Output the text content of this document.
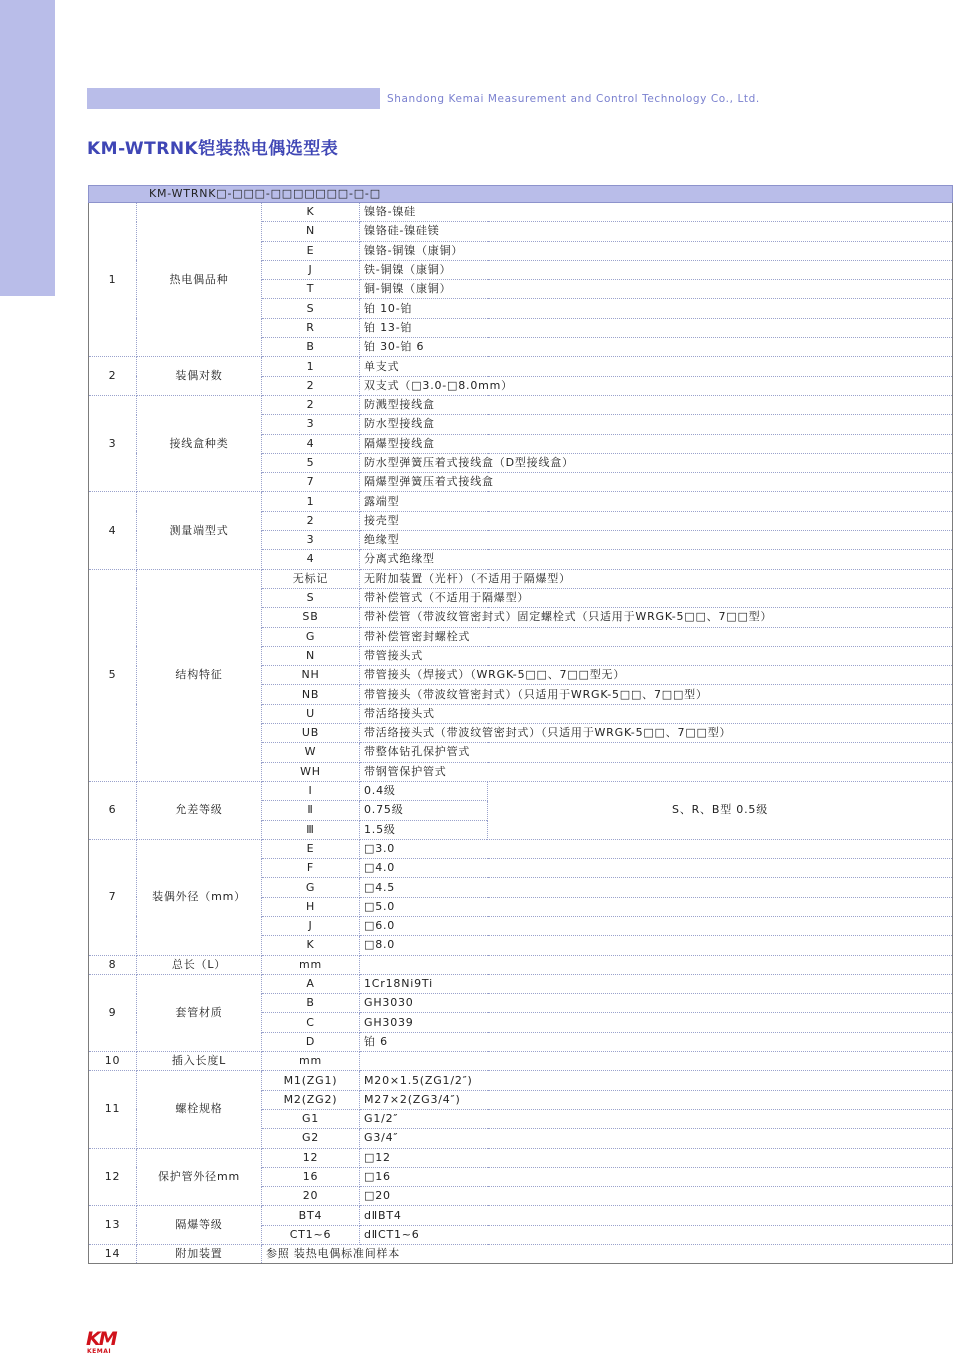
Shandong Kemai Measurement and Control Technology Co., Ltd.
KM-WTRNK铠装热电偶选型表
KM-WTRNK□-□□□-□□□□□□□-□-□				
1	热电偶品种	K	镍铬-镍硅	
		N	镍铬硅-镍硅镁	
		E	镍铬-铜镍（康铜）	
		J	铁-铜镍（康铜）	
		T	铜-铜镍（康铜）	
		S	铂 10-铂	
		R	铂 13-铂	
		B	铂 30-铂 6	
2	装偶对数	1	单支式	
		2	双支式（□3.0-□8.0mm）	
3	接线盒种类	2	防溅型接线盒	
		3	防水型接线盒	
		4	隔爆型接线盒	
		5	防水型弹簧压着式接线盒（D型接线盒）	
		7	隔爆型弹簧压着式接线盒	
4	测量端型式	1	露端型	
		2	接壳型	
		3	绝缘型	
		4	分离式绝缘型	
5	结构特征	无标记	无附加装置（光杆）（不适用于隔爆型）	
		S	带补偿管式（不适用于隔爆型）	
		SB	带补偿管（带波纹管密封式）固定螺栓式（只适用于WRGK-5□□、7□□型）	
		G	带补偿管密封螺栓式	
		N	带管接头式	
		NH	带管接头（焊接式）（WRGK-5□□、7□□型无）	
		NB	带管接头（带波纹管密封式）（只适用于WRGK-5□□、7□□型）	
		U	带活络接头式	
		UB	带活络接头式（带波纹管密封式）（只适用于WRGK-5□□、7□□型）	
		W	带整体钻孔保护管式	
		WH	带钢管保护管式	
6	允差等级	Ⅰ	0.4级	S、R、B型 0.5级
		Ⅱ	0.75级	
		Ⅲ	1.5级	
7	装偶外径（mm）	E	□3.0	
		F	□4.0	
		G	□4.5	
		H	□5.0	
		J	□6.0	
		K	□8.0	
8	总长（L）	mm		
9	套管材质	A	1Cr18Ni9Ti	
		B	GH3030	
		C	GH3039	
		D	铂 6	
10	插入长度L	mm		
11	螺栓规格	M1(ZG1)	M20×1.5(ZG1/2″)	
		M2(ZG2)	M27×2(ZG3/4″)	
		G1	G1/2″	
		G2	G3/4″	
12	保护管外径mm	12	□12	
		16	□16	
		20	□20	
13	隔爆等级	BT4	dⅡBT4	
		CT1~6	dⅡCT1~6	
14	附加装置	参照 装热电偶标准间样本		
KM
KEMAI
